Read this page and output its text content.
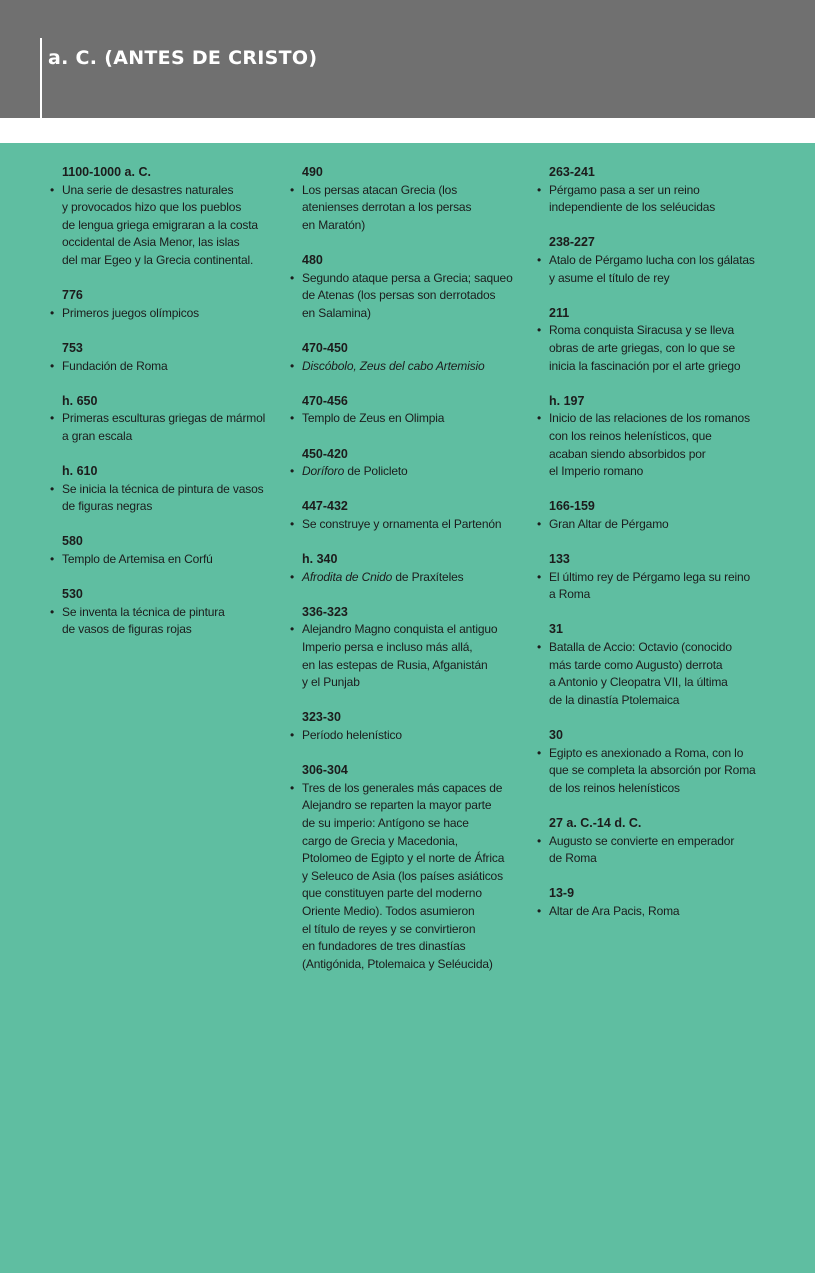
a. C. (ANTES DE CRISTO)
1100-1000 a. C.
• Una serie de desastres naturales
y provocados hizo que los pueblos
de lengua griega emigraran a la costa
occidental de Asia Menor, las islas
del mar Egeo y la Grecia continental.
776
• Primeros juegos olímpicos
753
• Fundación de Roma
h. 650
• Primeras esculturas griegas de mármol
a gran escala
h. 610
• Se inicia la técnica de pintura de vasos
de figuras negras
580
• Templo de Artemisa en Corfú
530
• Se inventa la técnica de pintura
de vasos de figuras rojas
490
• Los persas atacan Grecia (los
atenienses derrotan a los persas
en Maratón)
480
• Segundo ataque persa a Grecia; saqueo
de Atenas (los persas son derrotados
en Salamina)
470-450
• Discóbolo, Zeus del cabo Artemisio
470-456
• Templo de Zeus en Olimpia
450-420
• Doríforo de Policleto
447-432
• Se construye y ornamenta el Partenón
h. 340
• Afrodita de Cnido de Praxíteles
336-323
• Alejandro Magno conquista el antiguo
Imperio persa e incluso más allá,
en las estepas de Rusia, Afganistán
y el Punjab
323-30
• Período helenístico
306-304
• Tres de los generales más capaces de
Alejandro se reparten la mayor parte
de su imperio: Antígono se hace
cargo de Grecia y Macedonia,
Ptolomeo de Egipto y el norte de África
y Seleuco de Asia (los países asiáticos
que constituyen parte del moderno
Oriente Medio). Todos asumieron
el título de reyes y se convirtieron
en fundadores de tres dinastías
(Antigónida, Ptolemaica y Seléucida)
263-241
• Pérgamo pasa a ser un reino
independiente de los seléucidas
238-227
• Atalo de Pérgamo lucha con los gálatas
y asume el título de rey
211
• Roma conquista Siracusa y se lleva
obras de arte griegas, con lo que se
inicia la fascinación por el arte griego
h. 197
• Inicio de las relaciones de los romanos
con los reinos helenísticos, que
acaban siendo absorbidos por
el Imperio romano
166-159
• Gran Altar de Pérgamo
133
• El último rey de Pérgamo lega su reino
a Roma
31
• Batalla de Accio: Octavio (conocido
más tarde como Augusto) derrota
a Antonio y Cleopatra VII, la última
de la dinastía Ptolemaica
30
• Egipto es anexionado a Roma, con lo
que se completa la absorción por Roma
de los reinos helenísticos
27 a. C.-14 d. C.
• Augusto se convierte en emperador
de Roma
13-9
• Altar de Ara Pacis, Roma
